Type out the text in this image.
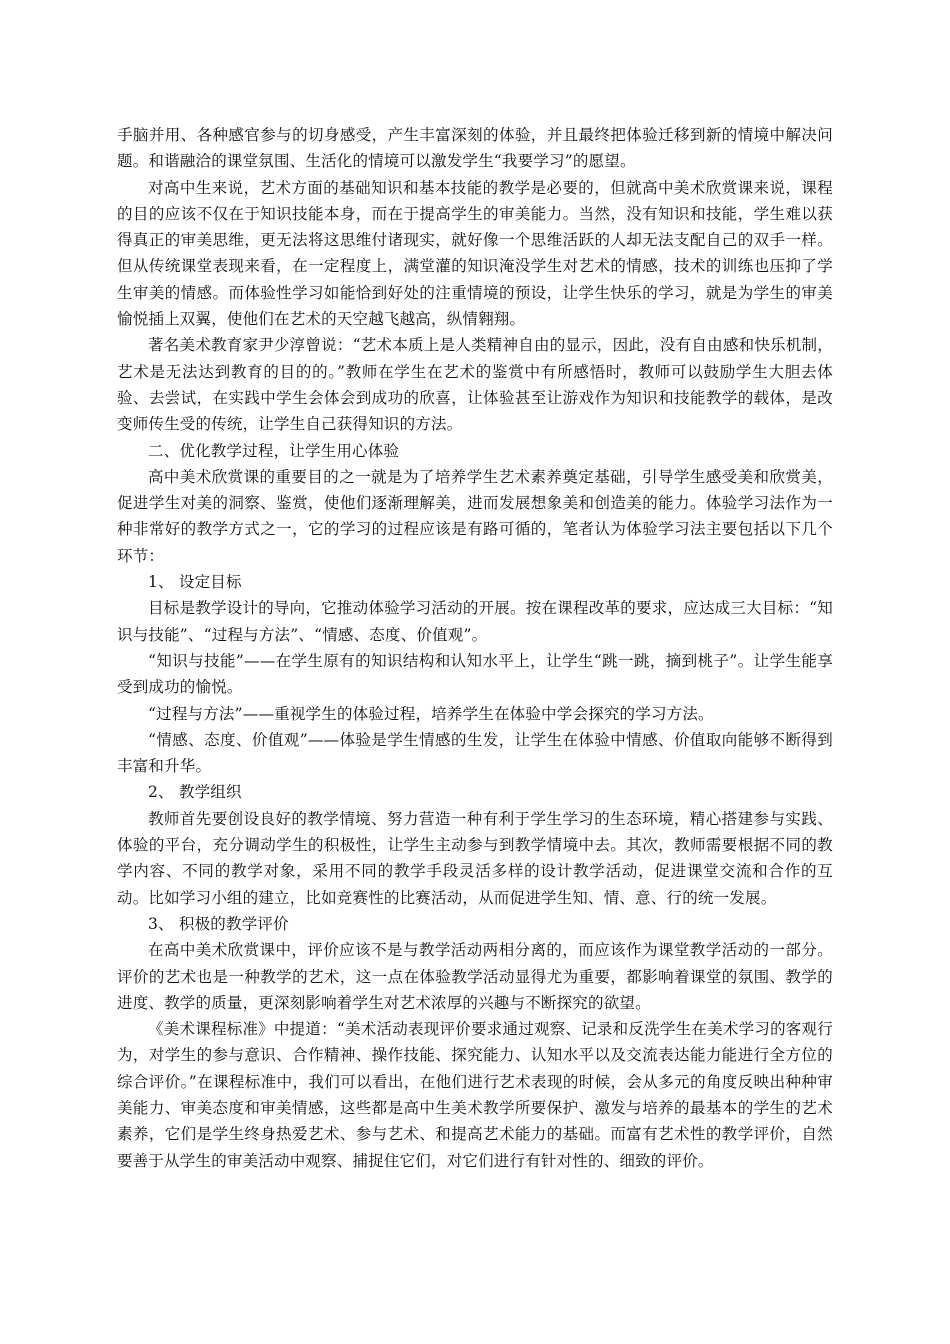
手脑并用、各种感官参与的切身感受，产生丰富深刻的体验，并且最终把体验迁移到新的情境中解决问题。和谐融洽的课堂氛围、生活化的情境可以激发学生“我要学习”的愿望。

对高中生来说，艺术方面的基础知识和基本技能的教学是必要的，但就高中美术欣赏课来说，课程的目的应该不仅在于知识技能本身，而在于提高学生的审美能力。当然，没有知识和技能，学生难以获得真正的审美思维，更无法将这思维付诸现实，就好像一个思维活跃的人却无法支配自己的双手一样。但从传统课堂表现来看，在一定程度上，满堂灌的知识淹没学生对艺术的情感，技术的训练也压抑了学生审美的情感。而体验性学习如能恰到好处的注重情境的预设，让学生快乐的学习，就是为学生的审美愉悦插上双翼，使他们在艺术的天空越飞越高，纵情翱翔。

著名美术教育家尹少淳曾说：“艺术本质上是人类精神自由的显示，因此，没有自由感和快乐机制，艺术是无法达到教育的目的的。”教师在学生在艺术的鉴赏中有所感悟时，教师可以鼓励学生大胆去体验、去尝试，在实践中学生会体会到成功的欣喜，让体验甚至让游戏作为知识和技能教学的载体，是改变师传生受的传统，让学生自己获得知识的方法。

二、优化教学过程，让学生用心体验

高中美术欣赏课的重要目的之一就是为了培养学生艺术素养奠定基础，引导学生感受美和欣赏美，促进学生对美的洞察、鉴赏，使他们逐渐理解美，进而发展想象美和创造美的能力。体验学习法作为一种非常好的教学方式之一，它的学习的过程应该是有路可循的，笔者认为体验学习法主要包括以下几个环节：

1、 设定目标

目标是教学设计的导向，它推动体验学习活动的开展。按在课程改革的要求，应达成三大目标：“知识与技能”、“过程与方法”、“情感、态度、价值观”。

“知识与技能”——在学生原有的知识结构和认知水平上，让学生“跳一跳，摘到桃子”。让学生能享受到成功的愉悦。

“过程与方法”——重视学生的体验过程，培养学生在体验中学会探究的学习方法。

“情感、态度、价值观”——体验是学生情感的生发，让学生在体验中情感、价值取向能够不断得到丰富和升华。

2、 教学组织

教师首先要创设良好的教学情境、努力营造一种有利于学生学习的生态环境，精心搭建参与实践、体验的平台，充分调动学生的积极性，让学生主动参与到教学情境中去。其次，教师需要根据不同的教学内容、不同的教学对象，采用不同的教学手段灵活多样的设计教学活动，促进课堂交流和合作的互动。比如学习小组的建立，比如竞赛性的比赛活动，从而促进学生知、情、意、行的统一发展。

3、 积极的教学评价

在高中美术欣赏课中，评价应该不是与教学活动两相分离的，而应该作为课堂教学活动的一部分。评价的艺术也是一种教学的艺术，这一点在体验教学活动显得尤为重要，都影响着课堂的氛围、教学的进度、教学的质量，更深刻影响着学生对艺术浓厚的兴趣与不断探究的欲望。

《美术课程标准》中提道：“美术活动表现评价要求通过观察、记录和反洗学生在美术学习的客观行为，对学生的参与意识、合作精神、操作技能、探究能力、认知水平以及交流表达能力能进行全方位的综合评价。”在课程标准中，我们可以看出，在他们进行艺术表现的时候，会从多元的角度反映出种种审美能力、审美态度和审美情感，这些都是高中生美术教学所要保护、激发与培养的最基本的学生的艺术素养，它们是学生终身热爱艺术、参与艺术、和提高艺术能力的基础。而富有艺术性的教学评价，自然要善于从学生的审美活动中观察、捕捉住它们，对它们进行有针对性的、细致的评价。
